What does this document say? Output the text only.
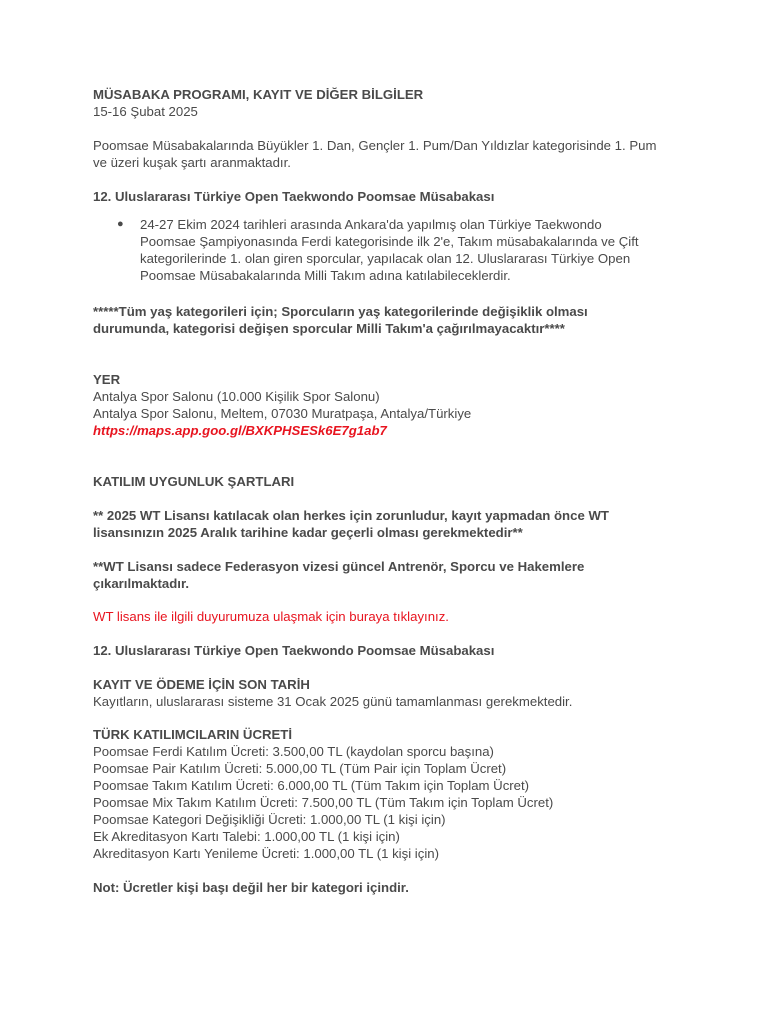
MÜSABAKA PROGRAMI, KAYIT VE DİĞER BİLGİLER

15-16 Şubat 2025

Poomsae Müsabakalarında Büyükler 1. Dan, Gençler 1. Pum/Dan Yıldızlar kategorisinde 1. Pum
ve üzeri kuşak şartı aranmaktadır.

12. Uluslararası Türkiye Open Taekwondo Poomsae Müsabakası

● 24-27 Ekim 2024 tarihleri arasında Ankara'da yapılmış olan Türkiye Taekwondo
Poomsae Şampiyonasında Ferdi kategorisinde ilk 2'e, Takım müsabakalarında ve Çift
kategorilerinde 1. olan giren sporcular, yapılacak olan 12. Uluslararası Türkiye Open
Poomsae Müsabakalarında Milli Takım adına katılabileceklerdir.

*****Tüm yaş kategorileri için; Sporcuların yaş kategorilerinde değişiklik olması
durumunda, kategorisi değişen sporcular Milli Takım'a çağırılmayacaktır****

YER

Antalya Spor Salonu (10.000 Kişilik Spor Salonu)

Antalya Spor Salonu, Meltem, 07030 Muratpaşa, Antalya/Türkiye

https://maps.app.goo.gl/BXKPHSESk6E7g1ab7

KATILIM UYGUNLUK ŞARTLARI

** 2025 WT Lisansı katılacak olan herkes için zorunludur, kayıt yapmadan önce WT
lisansınızın 2025 Aralık tarihine kadar geçerli olması gerekmektedir**

**WT Lisansı sadece Federasyon vizesi güncel Antrenör, Sporcu ve Hakemlere
çıkarılmaktadır.

WT lisans ile ilgili duyurumuza ulaşmak için buraya tıklayınız.

12. Uluslararası Türkiye Open Taekwondo Poomsae Müsabakası

KAYIT VE ÖDEME İÇİN SON TARİH

Kayıtların, uluslararası sisteme 31 Ocak 2025 günü tamamlanması gerekmektedir.

TÜRK KATILIMCILARIN ÜCRETİ

Poomsae Ferdi Katılım Ücreti: 3.500,00 TL (kaydolan sporcu başına)
Poomsae Pair Katılım Ücreti: 5.000,00 TL (Tüm Pair için Toplam Ücret)
Poomsae Takım Katılım Ücreti: 6.000,00 TL (Tüm Takım için Toplam Ücret)
Poomsae Mix Takım Katılım Ücreti: 7.500,00 TL (Tüm Takım için Toplam Ücret)
Poomsae Kategori Değişikliği Ücreti: 1.000,00 TL (1 kişi için)
Ek Akreditasyon Kartı Talebi: 1.000,00 TL (1 kişi için)
Akreditasyon Kartı Yenileme Ücreti: 1.000,00 TL (1 kişi için)

Not: Ücretler kişi başı değil her bir kategori içindir.
